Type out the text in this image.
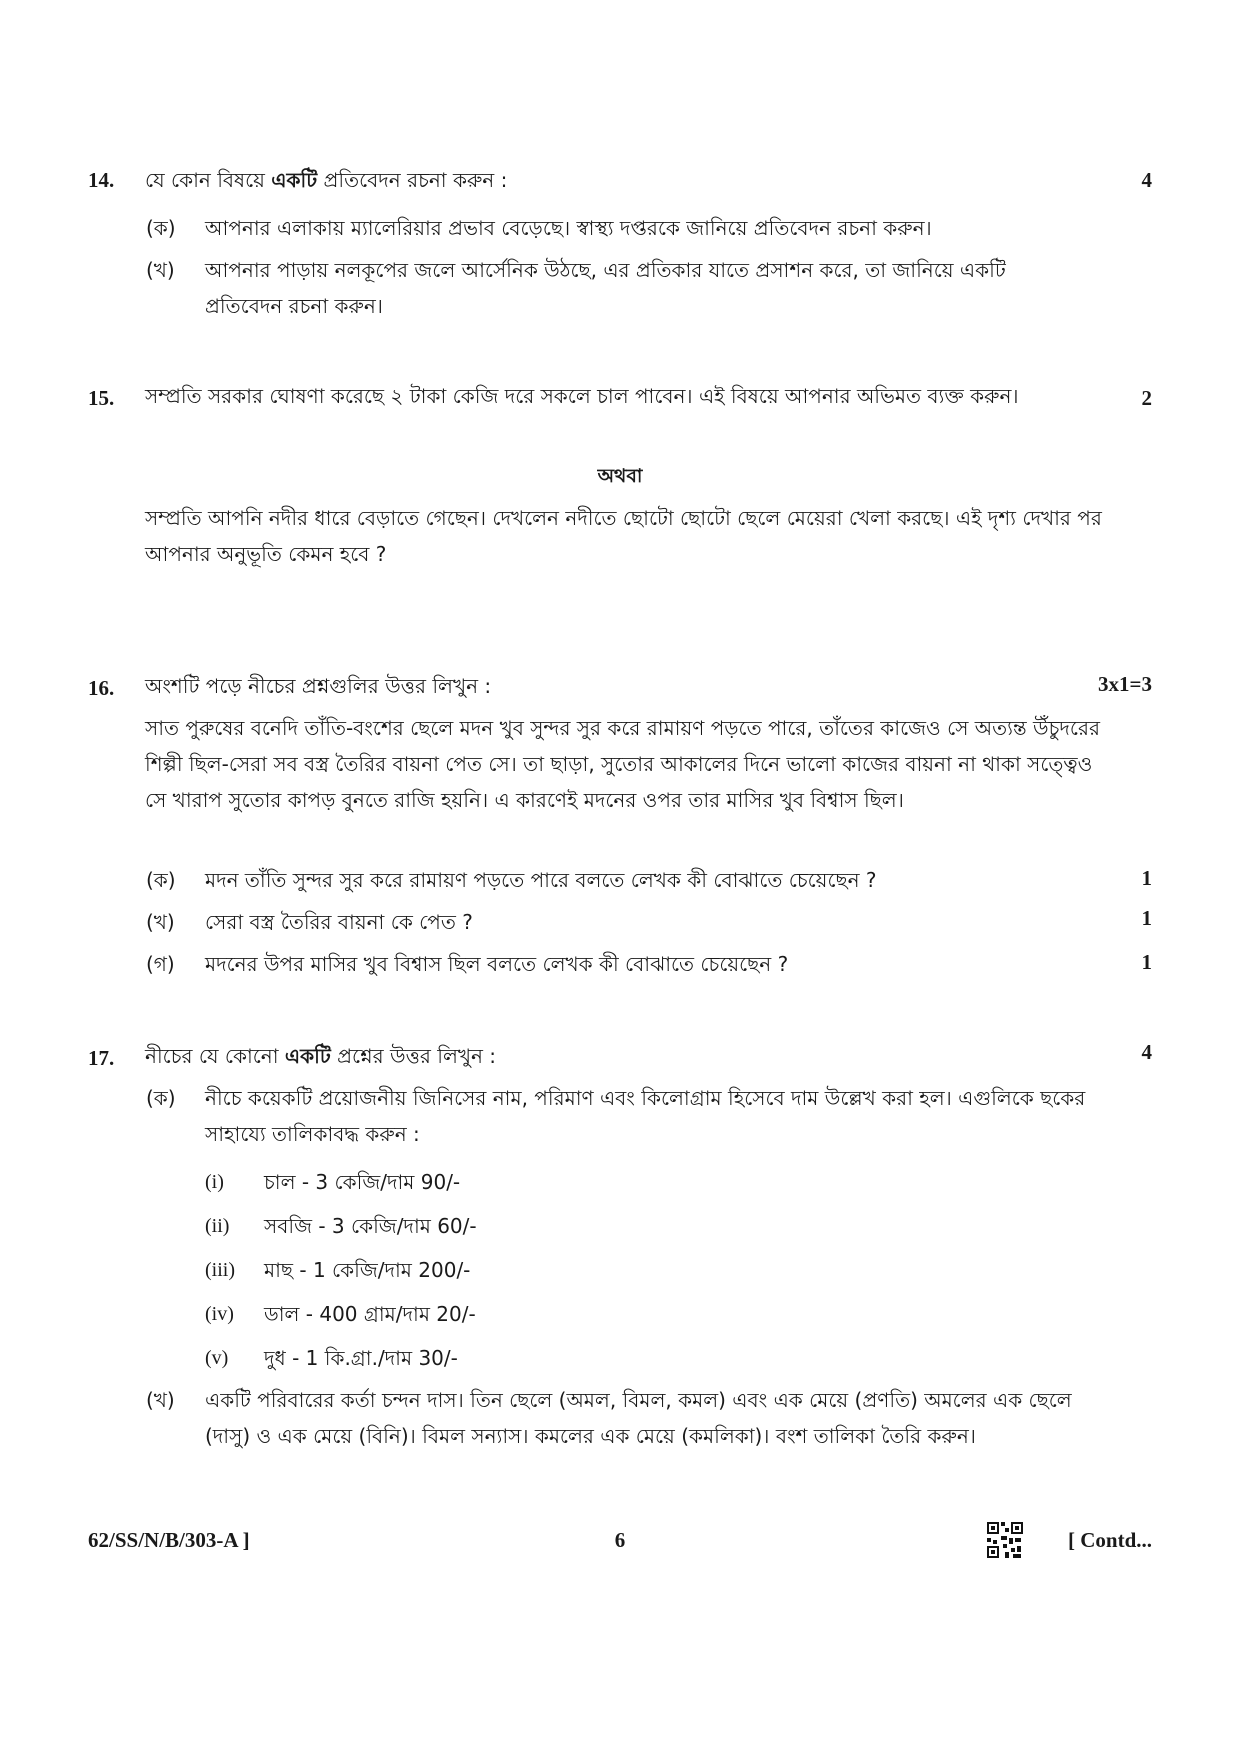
14.	যে কোন বিষয়ে একটি প্রতিবেদন রচনা করুন :	4
(ক)	আপনার এলাকায় ম্যালেরিয়ার প্রভাব বেড়েছে। স্বাস্থ্য দপ্তরকে জানিয়ে প্রতিবেদন রচনা করুন।
(খ)	আপনার পাড়ায় নলকূপের জলে আর্সেনিক উঠছে, এর প্রতিকার যাতে প্রসাশন করে, তা জানিয়ে একটি প্রতিবেদন রচনা করুন।
15.	সম্প্রতি সরকার ঘোষণা করেছে ২ টাকা কেজি দরে সকলে চাল পাবেন। এই বিষয়ে আপনার অভিমত ব্যক্ত করুন।	2
অথবা
সম্প্রতি আপনি নদীর ধারে বেড়াতে গেছেন। দেখলেন নদীতে ছোটো ছোটো ছেলে মেয়েরা খেলা করছে। এই দৃশ্য দেখার পর আপনার অনুভূতি কেমন হবে ?
16.	অংশটি পড়ে নীচের প্রশ্নগুলির উত্তর লিখুন :	3x1=3
সাত পুরুষের বনেদি তাঁতি-বংশের ছেলে মদন খুব সুন্দর সুর করে রামায়ণ পড়তে পারে, তাঁতের কাজেও সে অত্যন্ত উঁচুদরের শিল্পী ছিল-সেরা সব বস্ত্র তৈরির বায়না পেত সে। তা ছাড়া, সুতোর আকালের দিনে ভালো কাজের বায়না না থাকা সত্ত্বেও সে খারাপ সুতোর কাপড় বুনতে রাজি হয়নি। এ কারণেই মদনের ওপর তার মাসির খুব বিশ্বাস ছিল।
(ক)	মদন তাঁতি সুন্দর সুর করে রামায়ণ পড়তে পারে বলতে লেখক কী বোঝাতে চেয়েছেন ?	1
(খ)	সেরা বস্ত্র তৈরির বায়না কে পেত ?	1
(গ)	মদনের উপর মাসির খুব বিশ্বাস ছিল বলতে লেখক কী বোঝাতে চেয়েছেন ?	1
17.	নীচের যে কোনো একটি প্রশ্নের উত্তর লিখুন :	4
(ক)	নীচে কয়েকটি প্রয়োজনীয় জিনিসের নাম, পরিমাণ এবং কিলোগ্রাম হিসেবে দাম উল্লেখ করা হল। এগুলিকে ছকের সাহায্যে তালিকাবদ্ধ করুন :
(i)	চাল - 3 কেজি/দাম 90/-
(ii)	সবজি - 3 কেজি/দাম 60/-
(iii)	মাছ - 1 কেজি/দাম 200/-
(iv)	ডাল - 400 গ্রাম/দাম 20/-
(v)	দুধ - 1 কি.গ্রা./দাম 30/-
(খ)	একটি পরিবারের কর্তা চন্দন দাস। তিন ছেলে (অমল, বিমল, কমল) এবং এক মেয়ে (প্রণতি) অমলের এক ছেলে (দাসু) ও এক মেয়ে (বিনি)। বিমল সন্যাস। কমলের এক মেয়ে (কমলিকা)। বংশ তালিকা তৈরি করুন।
62/SS/N/B/303-A ]	6	[ Contd...
